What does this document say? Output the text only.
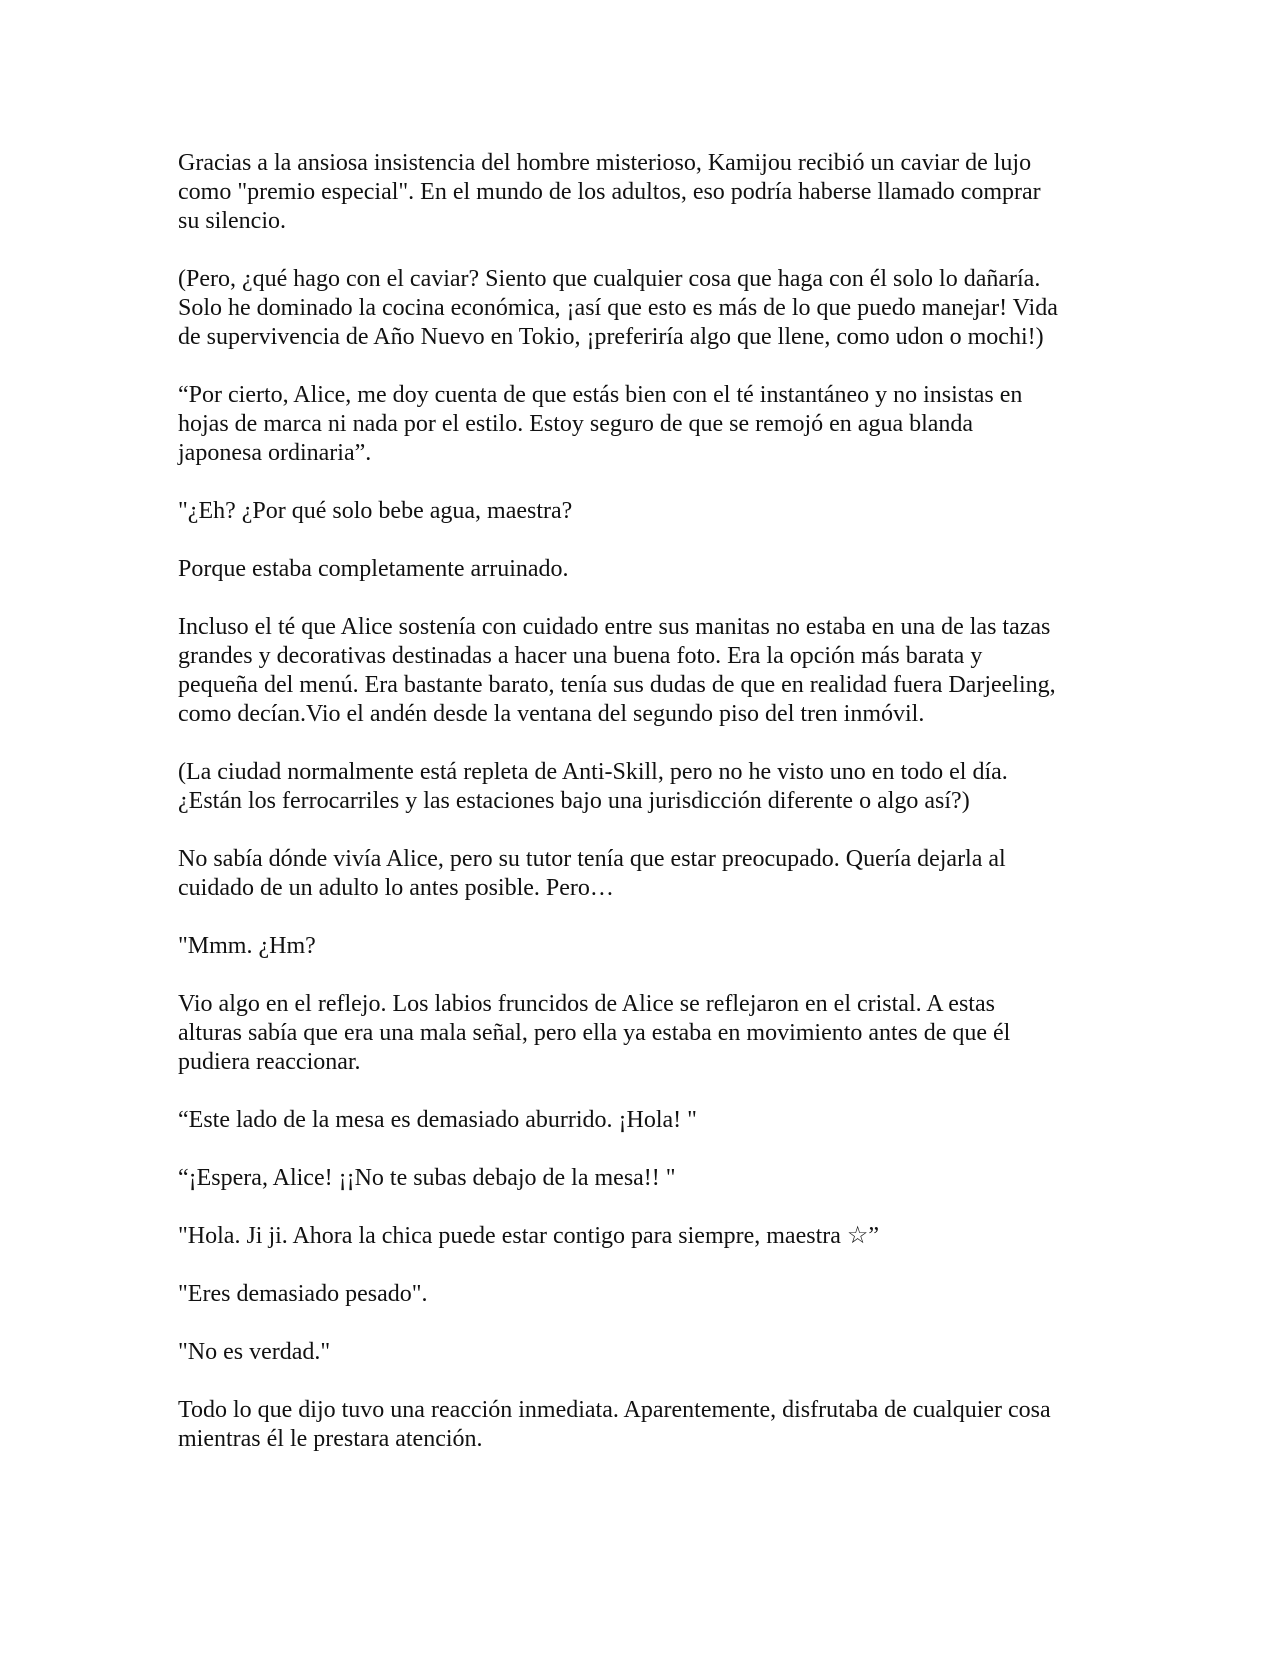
Gracias a la ansiosa insistencia del hombre misterioso, Kamijou recibió un caviar de lujo
como "premio especial". En el mundo de los adultos, eso podría haberse llamado comprar
su silencio.

(Pero, ¿qué hago con el caviar? Siento que cualquier cosa que haga con él solo lo dañaría.
Solo he dominado la cocina económica, ¡así que esto es más de lo que puedo manejar! Vida
de supervivencia de Año Nuevo en Tokio, ¡preferiría algo que llene, como udon o mochi!)

“Por cierto, Alice, me doy cuenta de que estás bien con el té instantáneo y no insistas en
hojas de marca ni nada por el estilo. Estoy seguro de que se remojó en agua blanda
japonesa ordinaria”.

"¿Eh? ¿Por qué solo bebe agua, maestra?

Porque estaba completamente arruinado.

Incluso el té que Alice sostenía con cuidado entre sus manitas no estaba en una de las tazas
grandes y decorativas destinadas a hacer una buena foto. Era la opción más barata y
pequeña del menú. Era bastante barato, tenía sus dudas de que en realidad fuera Darjeeling,
como decían.Vio el andén desde la ventana del segundo piso del tren inmóvil.

(La ciudad normalmente está repleta de Anti-Skill, pero no he visto uno en todo el día.
¿Están los ferrocarriles y las estaciones bajo una jurisdicción diferente o algo así?)

No sabía dónde vivía Alice, pero su tutor tenía que estar preocupado. Quería dejarla al
cuidado de un adulto lo antes posible. Pero…

"Mmm. ¿Hm?

Vio algo en el reflejo. Los labios fruncidos de Alice se reflejaron en el cristal. A estas
alturas sabía que era una mala señal, pero ella ya estaba en movimiento antes de que él
pudiera reaccionar.

“Este lado de la mesa es demasiado aburrido. ¡Hola! "

“¡Espera, Alice! ¡¡No te subas debajo de la mesa!! "

"Hola. Ji ji. Ahora la chica puede estar contigo para siempre, maestra ☆”

"Eres demasiado pesado".

"No es verdad."

Todo lo que dijo tuvo una reacción inmediata. Aparentemente, disfrutaba de cualquier cosa
mientras él le prestara atención.
